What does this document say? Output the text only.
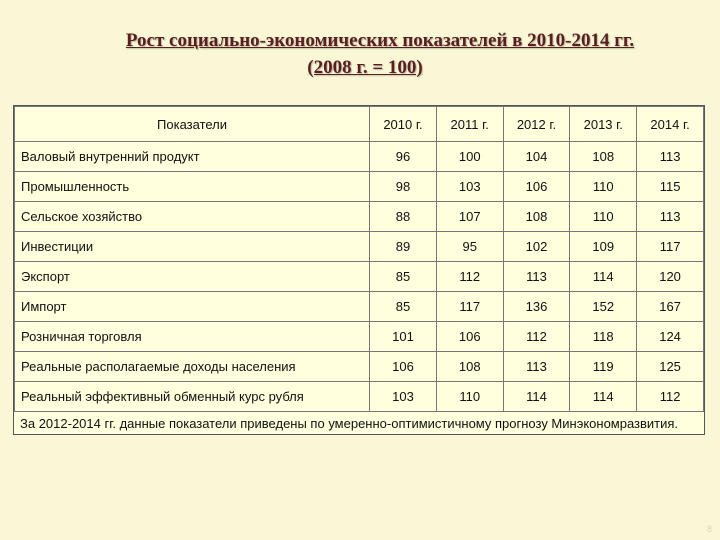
Рост социально-экономических показателей в 2010-2014 гг.
(2008 г. = 100)
Показатели	2010 г.	2011 г.	2012 г.	2013 г.	2014 г.
Валовый внутренний продукт	96	100	104	108	113
Промышленность	98	103	106	110	115
Сельское хозяйство	88	107	108	110	113
Инвестиции	89	95	102	109	117
Экспорт	85	112	113	114	120
Импорт	85	117	136	152	167
Розничная торговля	101	106	112	118	124
Реальные располагаемые доходы населения	106	108	113	119	125
Реальный эффективный обменный курс рубля	103	110	114	114	112
За 2012-2014 гг. данные показатели приведены по умеренно-оптимистичному прогнозу Минэкономразвития.
8
